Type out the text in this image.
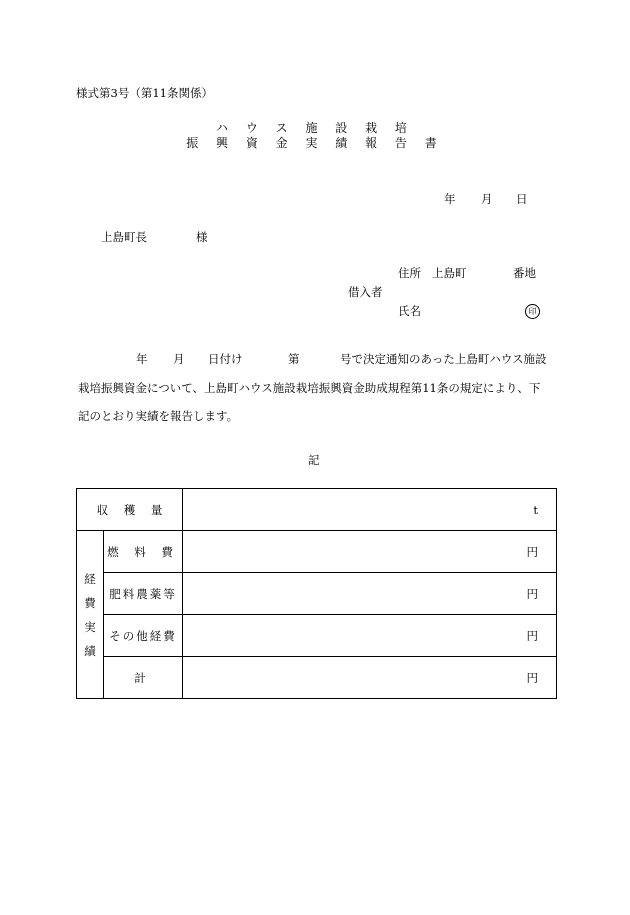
様式第3号（第11条関係）
ハ ウ ス 施 設 栽 培
振 興 資 金 実 績 報 告 書
年 月 日
上島町長	様
住所 上島町	番地
借入者
氏名	印
年 月 日付け	第	号で決定通知のあった上島町ハウス施設
栽培振興資金について、上島町ハウス施設栽培振興資金助成規程第11条の規定により、下
記のとおり実績を報告します。
記
収 穫 量		t

経
費
実
績	燃 料 費	円
	肥料農薬等	円
	その他経費	円
	計	円
